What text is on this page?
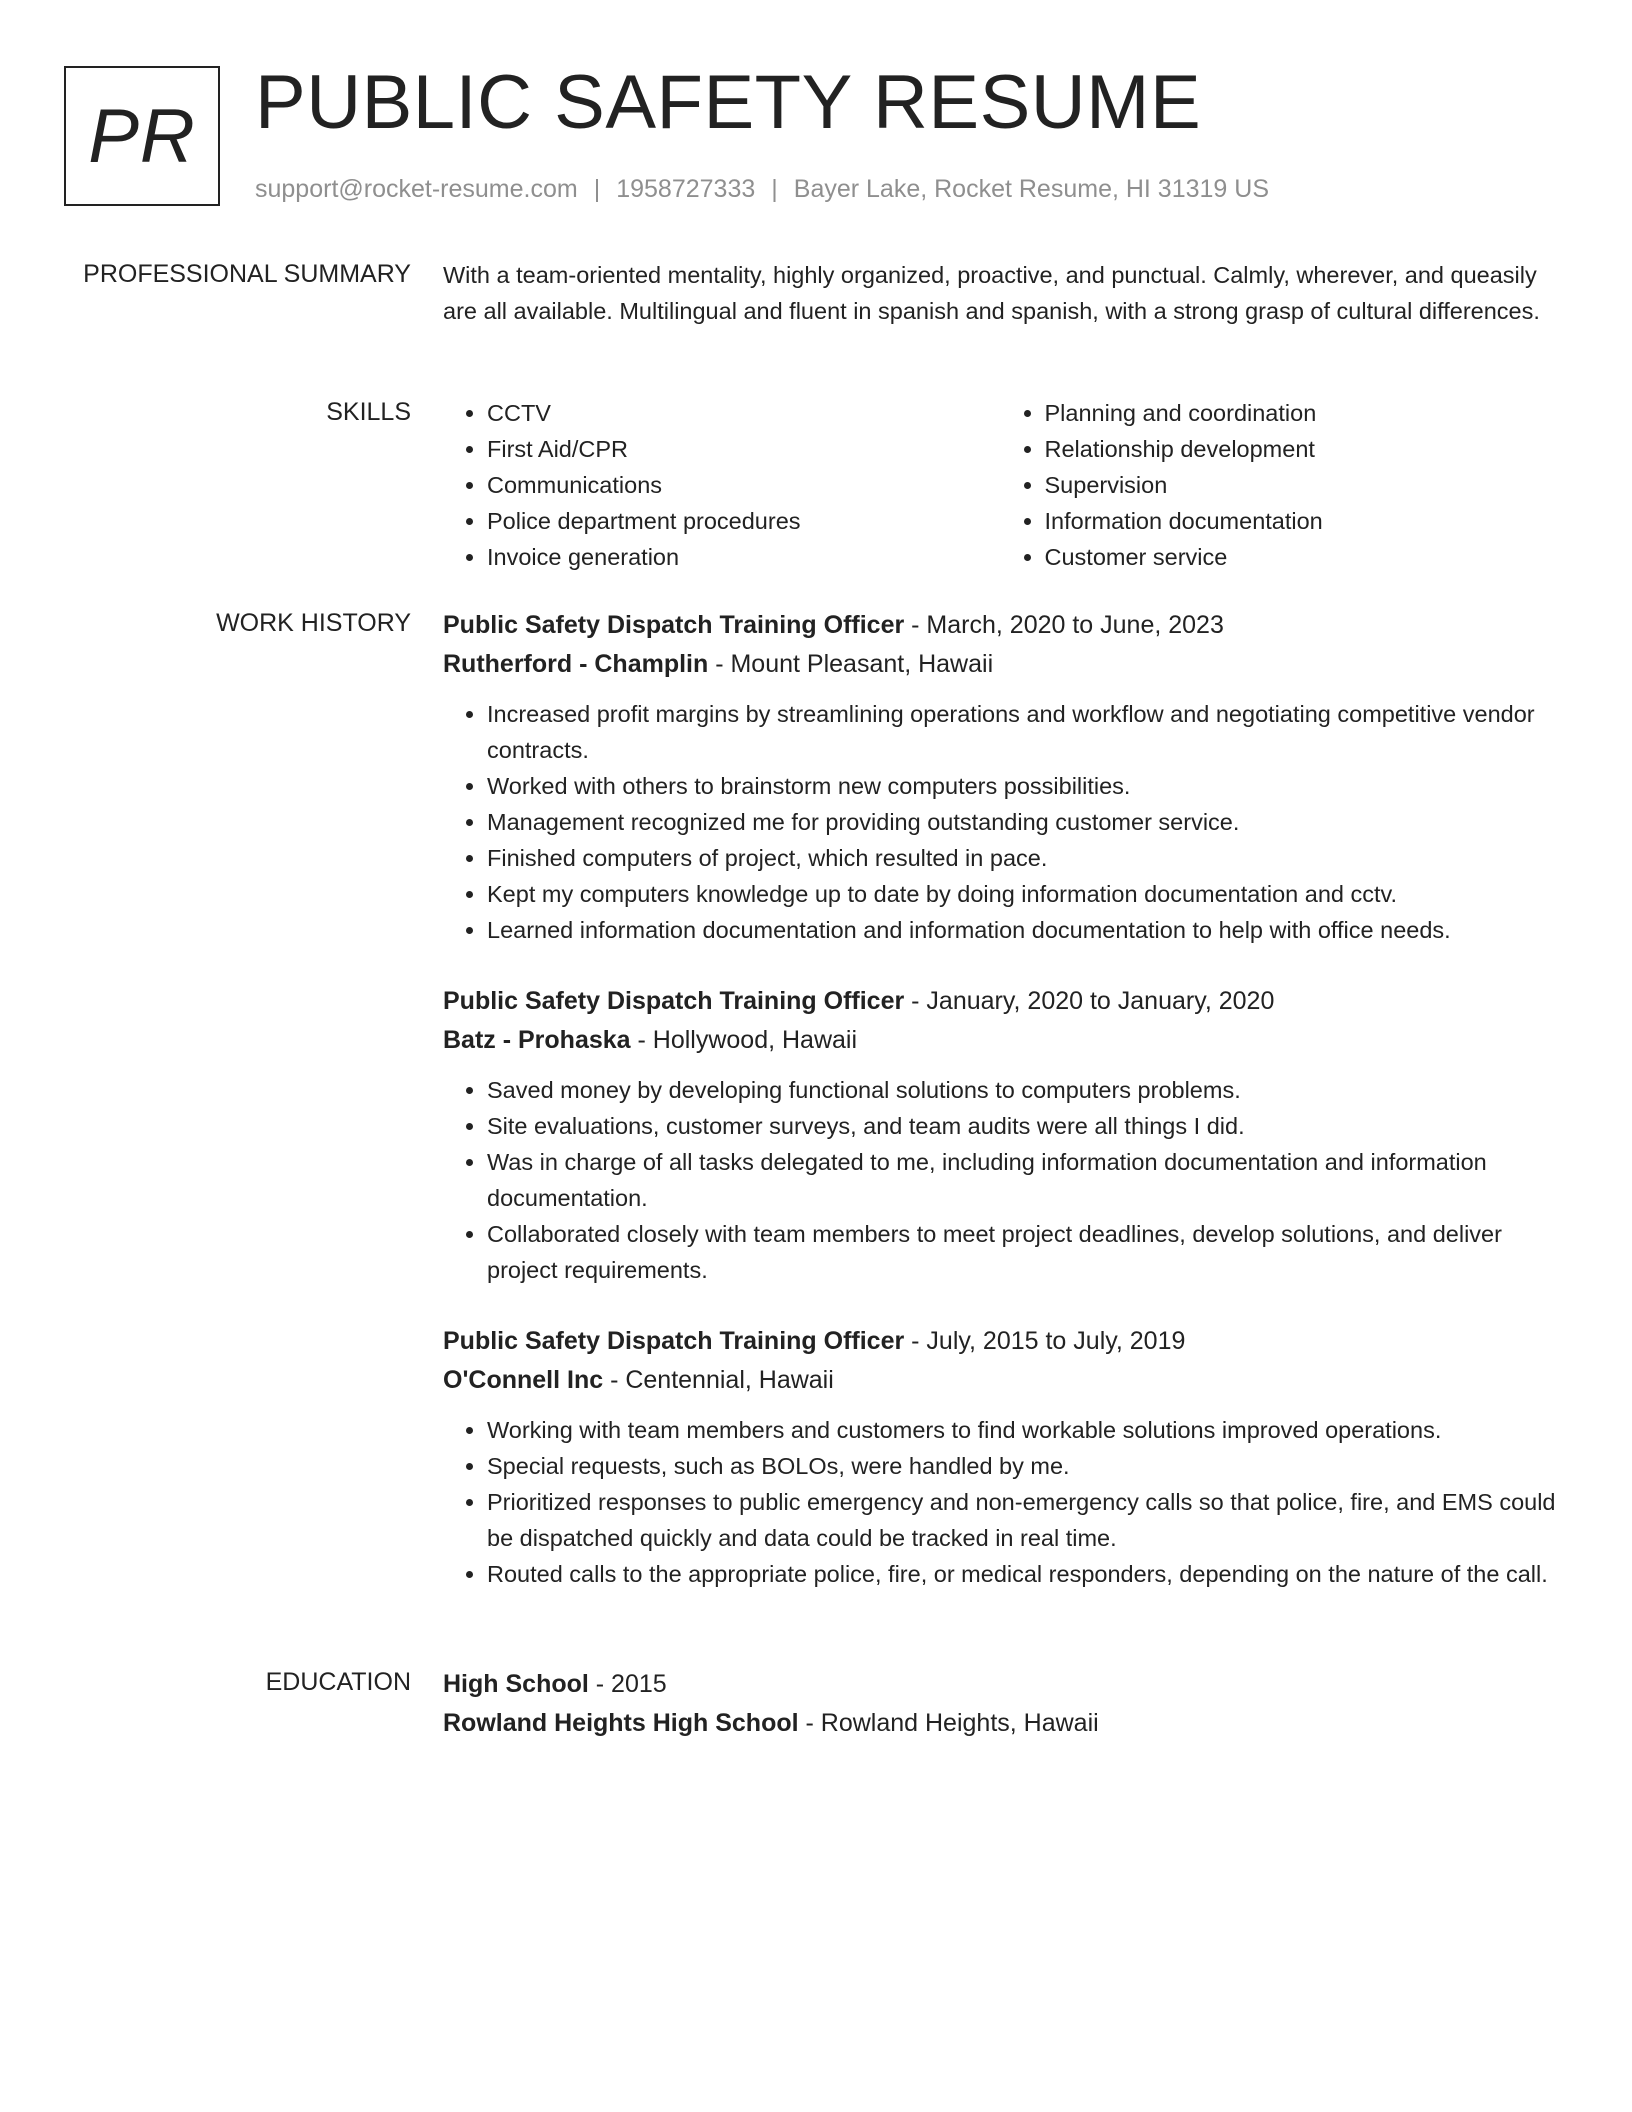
PR PUBLIC SAFETY RESUME
support@rocket-resume.com | 1958727333 | Bayer Lake, Rocket Resume, HI 31319 US
PROFESSIONAL SUMMARY With a team-oriented mentality, highly organized, proactive, and punctual. Calmly, wherever, and queasily are all available. Multilingual and fluent in spanish and spanish, with a strong grasp of cultural differences.

SKILLS
•	CCTV
• First Aid/CPR
• Communications
• Police department procedures
• Invoice generation
• Planning and coordination
• Relationship development
• Supervision
• Information documentation
• Customer service
WORK HISTORY Public Safety Dispatch Training Officer - March, 2020 to June, 2023
Rutherford - Champlin - Mount Pleasant, Hawaii
• Increased profit margins by streamlining operations and workflow and negotiating competitive vendor contracts.
• Worked with others to brainstorm new computers possibilities.
• Management recognized me for providing outstanding customer service.
• Finished computers of project, which resulted in pace.
• Kept my computers knowledge up to date by doing information documentation and cctv.
• Learned information documentation and information documentation to help with office needs.
Public Safety Dispatch Training Officer - January, 2020 to January, 2020
Batz - Prohaska - Hollywood, Hawaii
• Saved money by developing functional solutions to computers problems.
• Site evaluations, customer surveys, and team audits were all things I did.
• Was in charge of all tasks delegated to me, including information documentation and information documentation.
• Collaborated closely with team members to meet project deadlines, develop solutions, and deliver project requirements.
Public Safety Dispatch Training Officer - July, 2015 to July, 2019
O'Connell Inc - Centennial, Hawaii
• Working with team members and customers to find workable solutions improved operations.
• Special requests, such as BOLOs, were handled by me.
• Prioritized responses to public emergency and non-emergency calls so that police, fire, and EMS could be dispatched quickly and data could be tracked in real time.
• Routed calls to the appropriate police, fire, or medical responders, depending on the nature of the call.
EDUCATION High School - 2015
Rowland Heights High School - Rowland Heights, Hawaii
